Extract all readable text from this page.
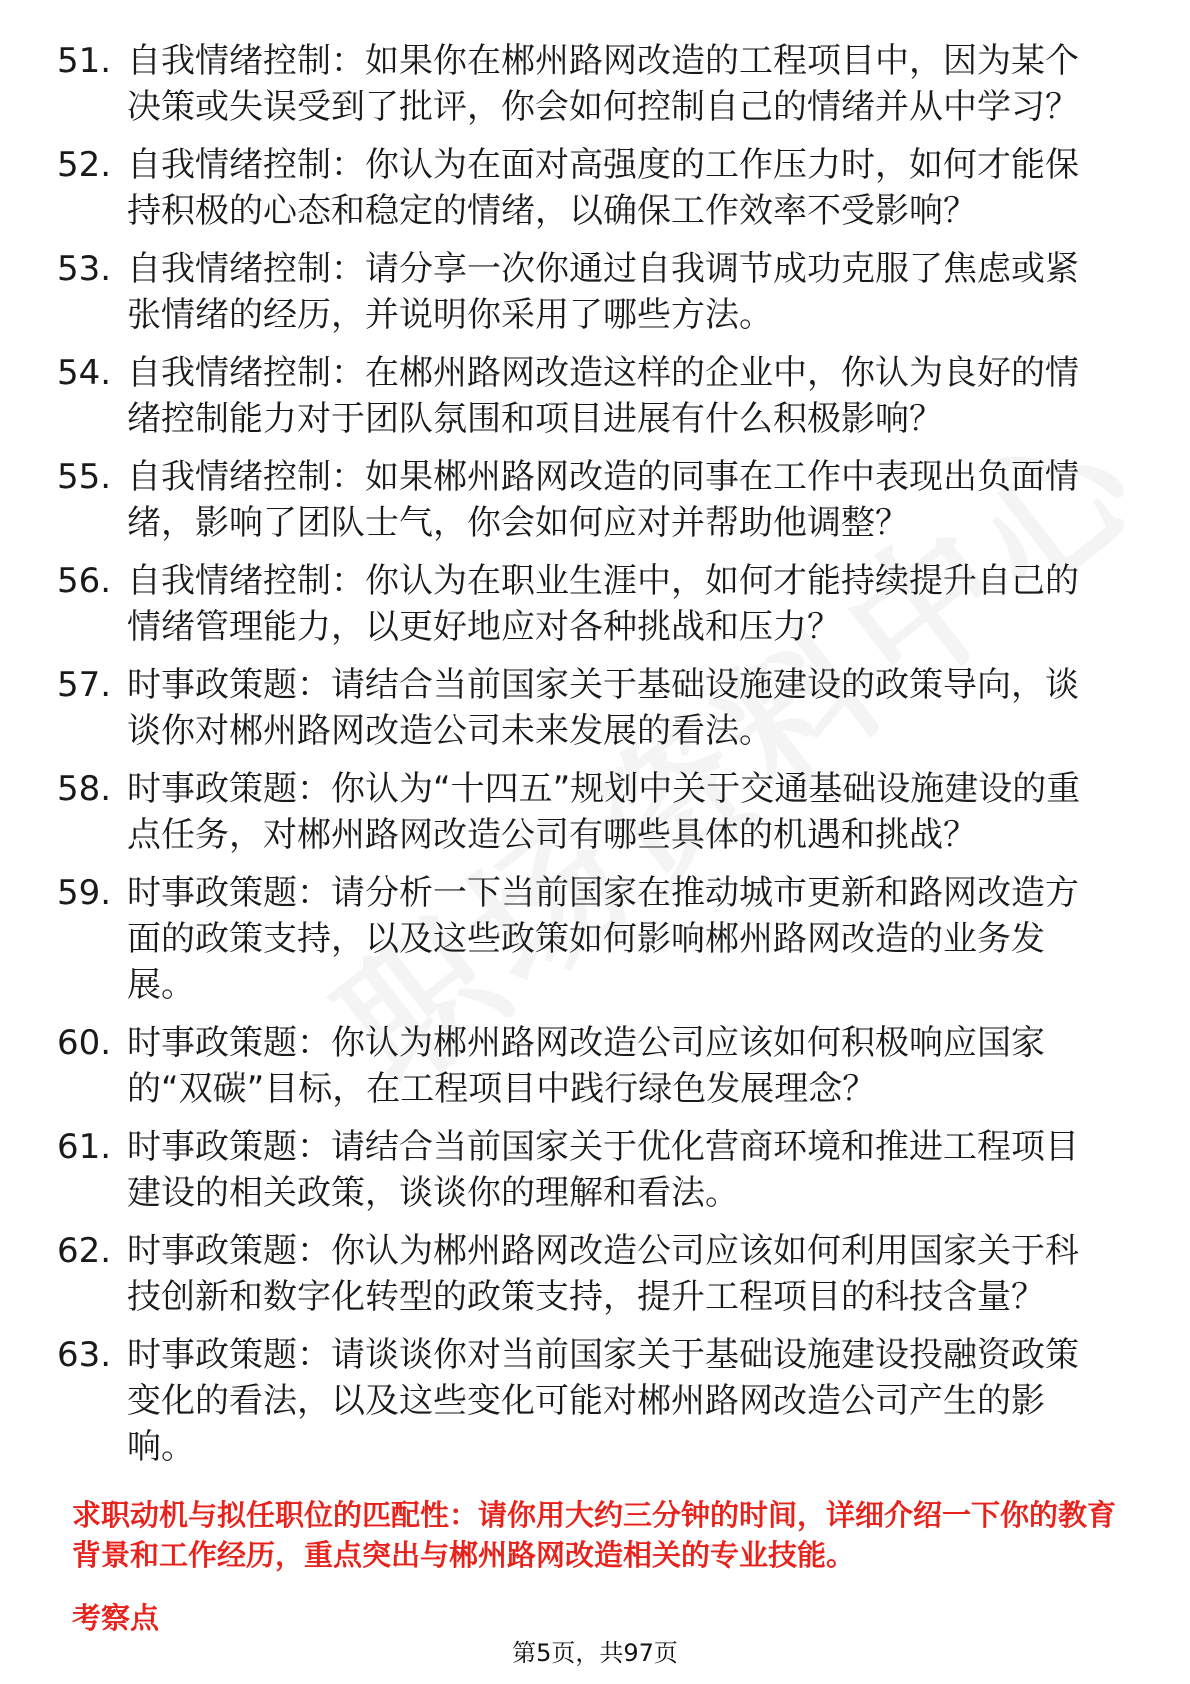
51. 自我情绪控制：如果你在郴州路网改造的工程项目中，因为某个决策或失误受到了批评，你会如何控制自己的情绪并从中学习？
52. 自我情绪控制：你认为在面对高强度的工作压力时，如何才能保持积极的心态和稳定的情绪，以确保工作效率不受影响？
53. 自我情绪控制：请分享一次你通过自我调节成功克服了焦虑或紧张情绪的经历，并说明你采用了哪些方法。
54. 自我情绪控制：在郴州路网改造这样的企业中，你认为良好的情绪控制能力对于团队氛围和项目进展有什么积极影响？
55. 自我情绪控制：如果郴州路网改造的同事在工作中表现出负面情绪，影响了团队士气，你会如何应对并帮助他调整？
56. 自我情绪控制：你认为在职业生涯中，如何才能持续提升自己的情绪管理能力，以更好地应对各种挑战和压力？
57. 时事政策题：请结合当前国家关于基础设施建设的政策导向，谈谈你对郴州路网改造公司未来发展的看法。
58. 时事政策题：你认为“十四五”规划中关于交通基础设施建设的重点任务，对郴州路网改造公司有哪些具体的机遇和挑战？
59. 时事政策题：请分析一下当前国家在推动城市更新和路网改造方面的政策支持，以及这些政策如何影响郴州路网改造的业务发展。
60. 时事政策题：你认为郴州路网改造公司应该如何积极响应国家的“双碳”目标，在工程项目中践行绿色发展理念？
61. 时事政策题：请结合当前国家关于优化营商环境和推进工程项目建设的相关政策，谈谈你的理解和看法。
62. 时事政策题：你认为郴州路网改造公司应该如何利用国家关于科技创新和数字化转型的政策支持，提升工程项目的科技含量？
63. 时事政策题：请谈谈你对当前国家关于基础设施建设投融资政策变化的看法，以及这些变化可能对郴州路网改造公司产生的影响。
求职动机与拟任职位的匹配性：请你用大约三分钟的时间，详细介绍一下你的教育背景和工作经历，重点突出与郴州路网改造相关的专业技能。
考察点
第5页，共97页
